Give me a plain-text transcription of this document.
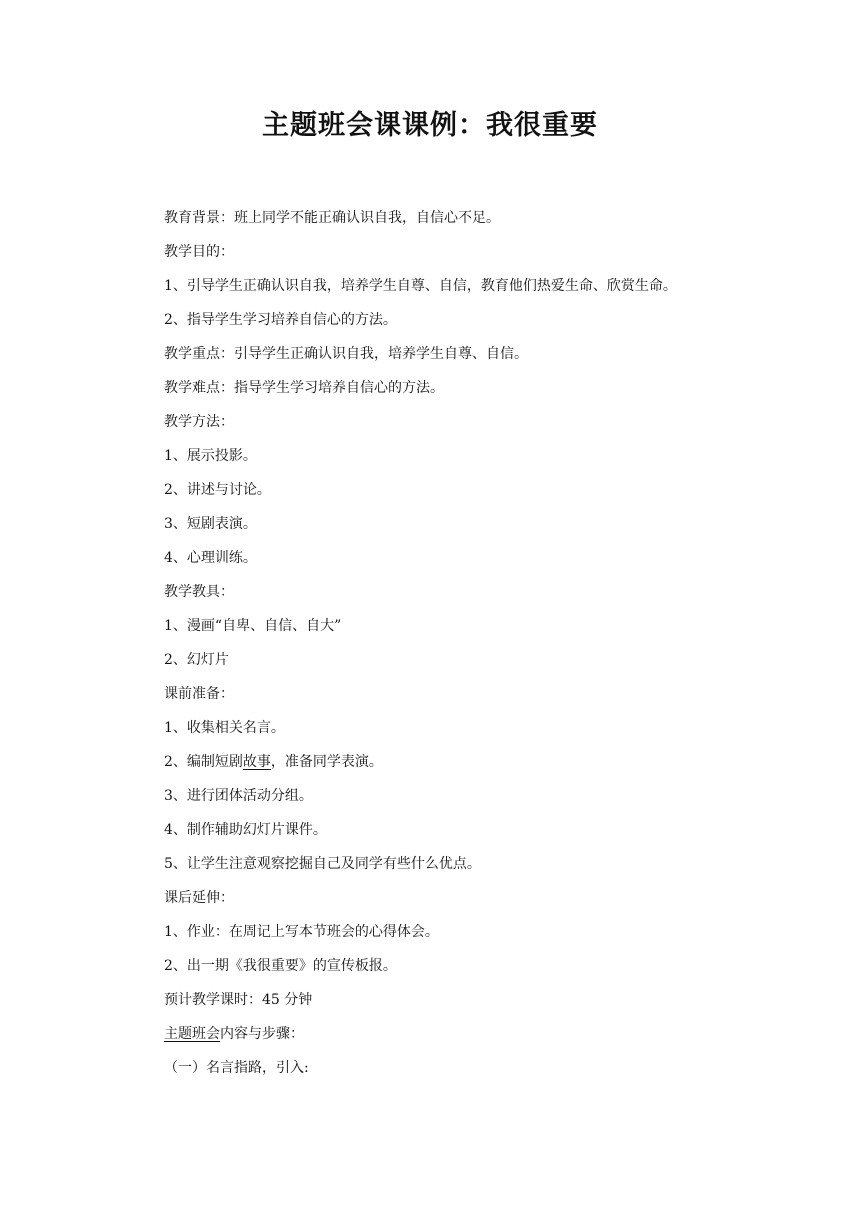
主题班会课课例：我很重要
教育背景：班上同学不能正确认识自我，自信心不足。
教学目的：
1、引导学生正确认识自我，培养学生自尊、自信，教育他们热爱生命、欣赏生命。
2、指导学生学习培养自信心的方法。
教学重点：引导学生正确认识自我，培养学生自尊、自信。
教学难点：指导学生学习培养自信心的方法。
教学方法：
1、展示投影。
2、讲述与讨论。
3、短剧表演。
4、心理训练。
教学教具：
1、漫画“自卑、自信、自大”
2、幻灯片
课前准备：
1、收集相关名言。
2、编制短剧故事，准备同学表演。
3、进行团体活动分组。
4、制作辅助幻灯片课件。
5、让学生注意观察挖掘自己及同学有些什么优点。
课后延伸：
1、作业：在周记上写本节班会的心得体会。
2、出一期《我很重要》的宣传板报。
预计教学课时：45 分钟
主题班会内容与步骤：
（一）名言指路，引入:
